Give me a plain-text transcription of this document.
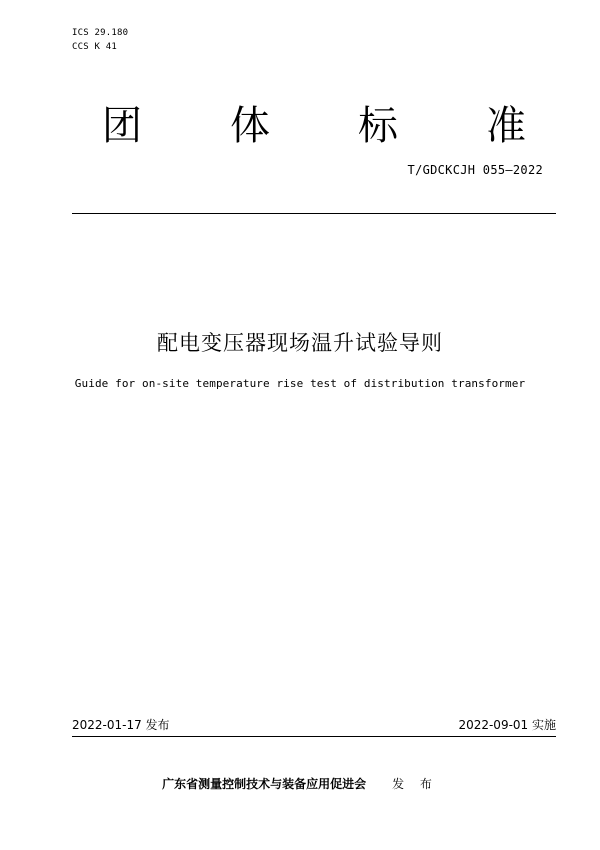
ICS 29.180
CCS K 41
团 体 标 准
T/GDCKCJH 055—2022
配电变压器现场温升试验导则
Guide for on-site temperature rise test of distribution transformer
2022-01-17 发布	2022-09-01 实施
广东省测量控制技术与装备应用促进会 发 布
